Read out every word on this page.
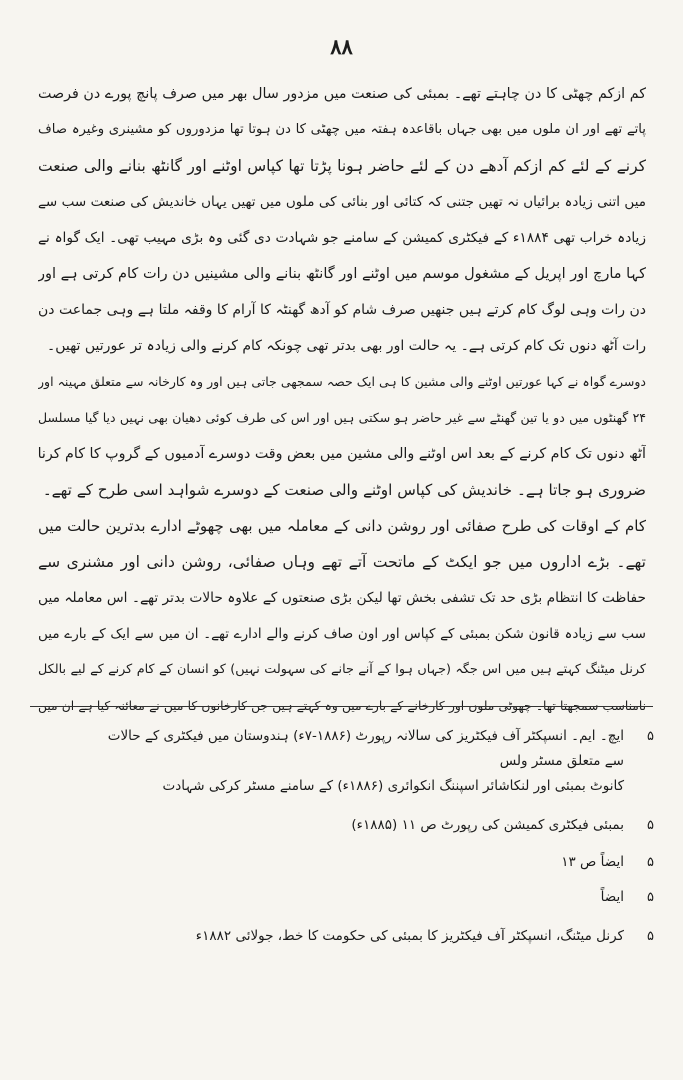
۸۸
کم ازکم چھٹی کا دن چاہتے تھے۔ بمبئی کی صنعت میں مزدور سال بھر میں صرف پانچ پورے دن فرصت
پاتے تھے اور ان ملوں میں بھی جہاں باقاعدہ ہفتہ میں چھٹی کا دن ہوتا تھا مزدوروں کو مشینری وغیرہ صاف
کرنے کے لئے کم ازکم آدھے دن کے لئے حاضر ہونا پڑتا تھا کپاس اوٹنے اور گانٹھ بنانے والی صنعت
میں اتنی زیادہ برائیاں نہ تھیں جتنی کہ کتائی اور بنائی کی ملوں میں تھیں یہاں خاندیش کی صنعت سب سے
زیادہ خراب تھی ۱۸۸۴ء کے فیکٹری کمیشن کے سامنے جو شہادت دی گئی وہ بڑی مہیب تھی۔ ایک گواہ نے
کہا مارچ اور اپریل کے مشغول موسم میں اوٹنے اور گانٹھ بنانے والی مشینیں دن رات کام کرتی ہے اور
دن رات وہی لوگ کام کرتے ہیں جنھیں صرف شام کو آدھ گھنٹہ کا آرام کا وقفہ ملتا ہے وہی جماعت دن
رات آٹھ دنوں تک کام کرتی ہے۔ یہ حالت اور بھی بدتر تھی چونکہ کام کرنے والی زیادہ تر عورتیں تھیں۔
دوسرے گواہ نے کہا عورتیں اوٹنے والی مشین کا ہی ایک حصہ سمجھی جاتی ہیں اور وہ کارخانہ سے متعلق مہینہ اور
۲۴ گھنٹوں میں دو یا تین گھنٹے سے غیر حاضر ہو سکتی ہیں اور اس کی طرف کوئی دھیان بھی نہیں دیا گیا مسلسل
آٹھ دنوں تک کام کرنے کے بعد اس اوٹنے والی مشین میں بعض وقت دوسرے آدمیوں کے گروپ کا کام کرنا
ضروری ہو جاتا ہے۔ خاندیش کی کپاس اوٹنے والی صنعت کے دوسرے شواہد اسی طرح کے تھے۔
کام کے اوقات کی طرح صفائی اور روشن دانی کے معاملہ میں بھی چھوٹے ادارے بدترین حالت میں
تھے۔ بڑے اداروں میں جو ایکٹ کے ماتحت آتے تھے وہاں صفائی، روشن دانی اور مشنری سے
حفاظت کا انتظام بڑی حد تک تشفی بخش تھا لیکن بڑی صنعتوں کے علاوہ حالات بدتر تھے۔ اس معاملہ میں
سب سے زیادہ قانون شکن بمبئی کے کپاس اور اون صاف کرنے والے ادارے تھے۔ ان میں سے ایک کے بارے میں
کرنل میٹنگ کہتے ہیں میں اس جگہ (جہاں ہوا کے آنے جانے کی سہولت نہیں) کو انسان کے کام کرنے کے لیے بالکل
نامناسب سمجھتا تھا۔ چھوٹی ملوں اور کارخانے کے بارے میں وہ کہتے ہیں جن کارخانوں کا میں نے معائنہ کیا ہے ان میں
۵
ایچ۔ ایم۔ انسپکٹر آف فیکٹریز کی سالانہ رپورٹ (۱۸۸۶-۷ء) ہندوستان میں فیکٹری کے حالات سے متعلق مسٹر ولس
کانوٹ بمبئی اور لنکاشائر اسپننگ انکوائری (۱۸۸۶ء) کے سامنے مسٹر کرکی شہادت
۵
بمبئی فیکٹری کمیشن کی رپورٹ ص ۱۱ (۱۸۸۵ء)
۵
ایضاً ص ۱۳
۵
ایضاً
۵
کرنل میٹنگ، انسپکٹر آف فیکٹریز کا بمبئی کی حکومت کا خط، جولائی ۱۸۸۲ء
